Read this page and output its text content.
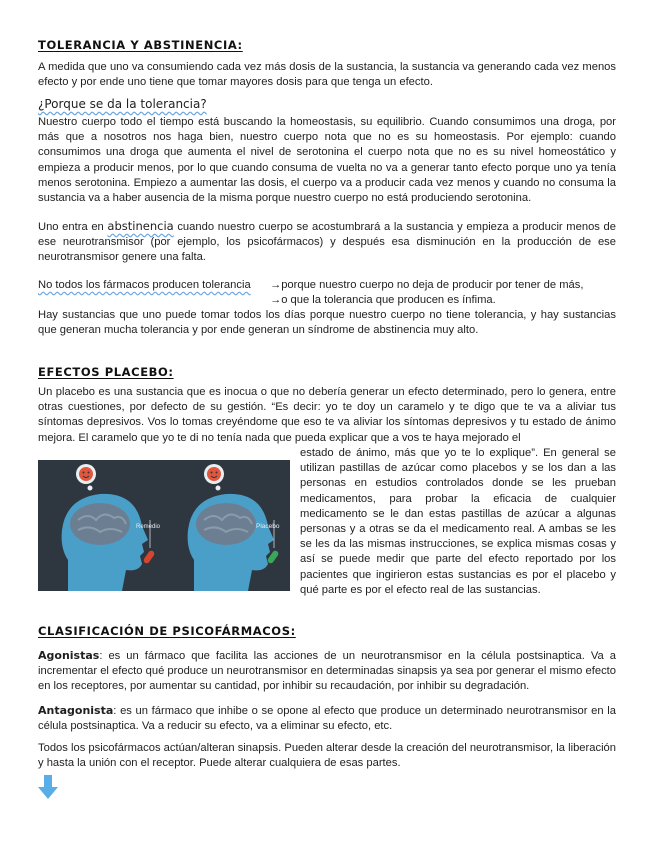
TOLERANCIA Y ABSTINENCIA:
A medida que uno va consumiendo cada vez más dosis de la sustancia, la sustancia va generando cada vez menos efecto y por ende uno tiene que tomar mayores dosis para que tenga un efecto.
¿Porque se da la tolerancia?
Nuestro cuerpo todo el tiempo está buscando la homeostasis, su equilibrio. Cuando consumimos una droga, por más que a nosotros nos haga bien, nuestro cuerpo nota que no es su homeostasis. Por ejemplo: cuando consumimos una droga que aumenta el nivel de serotonina el cuerpo nota que no es su nivel homeostático y empieza a producir menos, por lo que cuando consuma de vuelta no va a generar tanto efecto porque uno ya tenía menos serotonina. Empiezo a aumentar las dosis, el cuerpo va a producir cada vez menos y cuando no consuma la sustancia va a haber ausencia de la misma porque nuestro cuerpo no está produciendo serotonina.
Uno entra en abstinencia cuando nuestro cuerpo se acostumbrará a la sustancia y empieza a producir menos de ese neurotransmisor (por ejemplo, los psicofármacos) y después esa disminución en la producción de ese neurotransmisor genere una falta.
No todos los fármacos producen tolerancia →porque nuestro cuerpo no deja de producir por tener de más,
→o que la tolerancia que producen es ínfima.
Hay sustancias que uno puede tomar todos los días porque nuestro cuerpo no tiene tolerancia, y hay sustancias que generan mucha tolerancia y por ende generan un síndrome de abstinencia muy alto.
EFECTOS PLACEBO:
Un placebo es una sustancia que es inocua o que no debería generar un efecto determinado, pero lo genera, entre otras cuestiones, por defecto de su gestión. “Es decir: yo te doy un caramelo y te digo que te va a aliviar tus síntomas depresivos. Vos lo tomas creyéndome que eso te va aliviar los síntomas depresivos y tu estado de ánimo mejora. El caramelo que yo te di no tenía nada que pueda explicar que a vos te haya mejorado el
Remedio	Placebo
estado de ánimo, más que yo te lo explique”. En general se utilizan pastillas de azúcar como placebos y se los dan a las personas en estudios controlados donde se les prueban medicamentos, para probar la eficacia de cualquier medicamento se le dan estas pastillas de azúcar a algunas personas y a otras se da el medicamento real. A ambas se les se les da las mismas instrucciones, se explica mismas cosas y así se puede medir que parte del efecto reportado por los pacientes que ingirieron estas sustancias es por el placebo y qué parte es por el efecto real de las sustancias.
CLASIFICACIÓN DE PSICOFÁRMACOS:
Agonistas: es un fármaco que facilita las acciones de un neurotransmisor en la célula postsinaptica. Va a incrementar el efecto qué produce un neurotransmisor en determinadas sinapsis ya sea por generar el mismo efecto en los receptores, por aumentar su cantidad, por inhibir su recaudación, por inhibir su degradación.
Antagonista: es un fármaco que inhibe o se opone al efecto que produce un determinado neurotransmisor en la célula postsinaptica. Va a reducir su efecto, va a eliminar su efecto, etc.
Todos los psicofármacos actúan/alteran sinapsis. Pueden alterar desde la creación del neurotransmisor, la liberación y hasta la unión con el receptor. Puede alterar cualquiera de esas partes.
